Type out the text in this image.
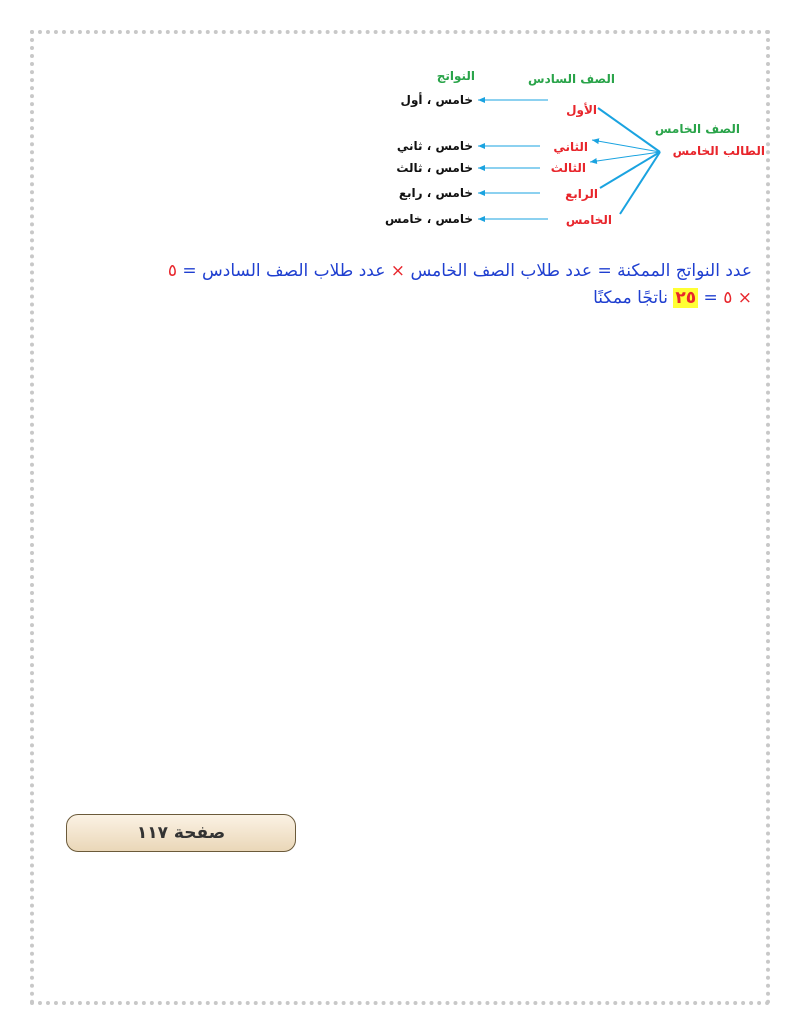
الصف الخامس
الطالب الخامس
الصف السادس
النواتج
الأول
الثاني
الثالث
الرابع
الخامس
خامس ، أول
خامس ، ثاني
خامس ، ثالث
خامس ، رابع
خامس ، خامس
عدد النواتج الممكنة = عدد طلاب الصف الخامس × عدد طلاب الصف السادس = ٥
× ٥ = ٢٥ ناتجًا ممكنًا
صفحة ١١٧
